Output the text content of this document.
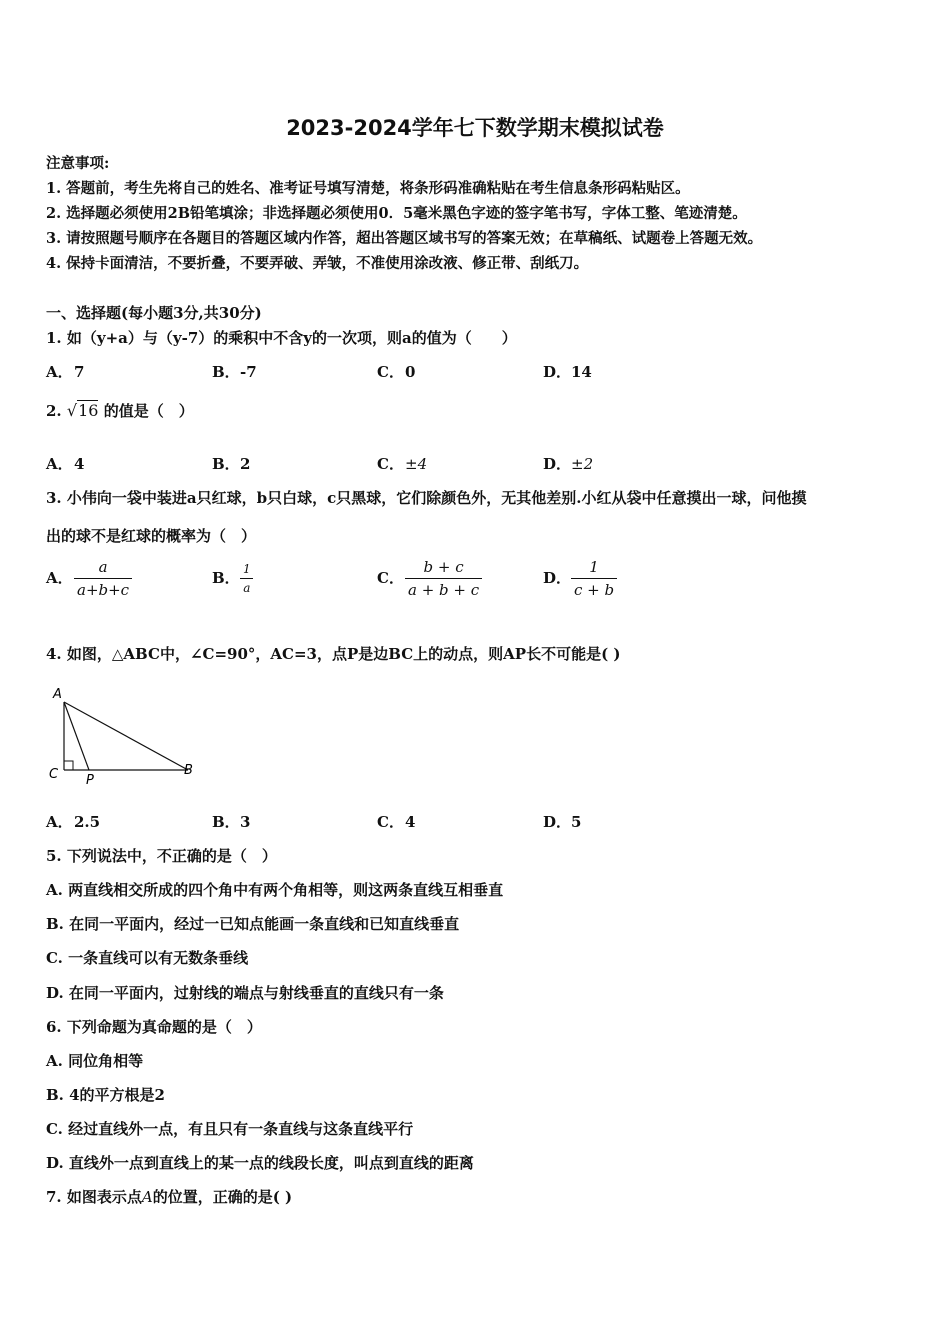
2023-2024学年七下数学期末模拟试卷
注意事项:
1. 答题前，考生先将自己的姓名、准考证号填写清楚，将条形码准确粘贴在考生信息条形码粘贴区。
2. 选择题必须使用2B铅笔填涂；非选择题必须使用0．5毫米黑色字迹的签字笔书写，字体工整、笔迹清楚。
3. 请按照题号顺序在各题目的答题区域内作答，超出答题区域书写的答案无效；在草稿纸、试题卷上答题无效。
4. 保持卡面清洁，不要折叠，不要弄破、弄皱，不准使用涂改液、修正带、刮纸刀。
一、选择题(每小题3分,共30分)
1. 如（y+a）与（y-7）的乘积中不含y的一次项，则a的值为（　　）
A．7	B．-7	C．0	D．14
2. √16 的值是（　）
A．4	B．2	C．±4	D．±2
3. 小伟向一袋中装进a只红球，b只白球，c只黑球，它们除颜色外，无其他差别.小红从袋中任意摸出一球，问他摸
出的球不是红球的概率为（　）
A． $\frac{a}{a+b+c}$	B． $\frac{1}{a}$	C． $\frac{b + c}{a + b + c}$	D． $\frac{1}{c + b}$
4. 如图，△ABC中，∠C=90°，AC=3，点P是边BC上的动点，则AP长不可能是( )
A
C P
B
A．2.5	B．3	C．4	D．5
5. 下列说法中，不正确的是（　）
A. 两直线相交所成的四个角中有两个角相等，则这两条直线互相垂直
B. 在同一平面内，经过一已知点能画一条直线和已知直线垂直
C. 一条直线可以有无数条垂线
D. 在同一平面内，过射线的端点与射线垂直的直线只有一条
6. 下列命题为真命题的是（　）
A. 同位角相等
B. 4的平方根是2
C. 经过直线外一点，有且只有一条直线与这条直线平行
D. 直线外一点到直线上的某一点的线段长度，叫点到直线的距离
7. 如图表示点A的位置，正确的是( )
